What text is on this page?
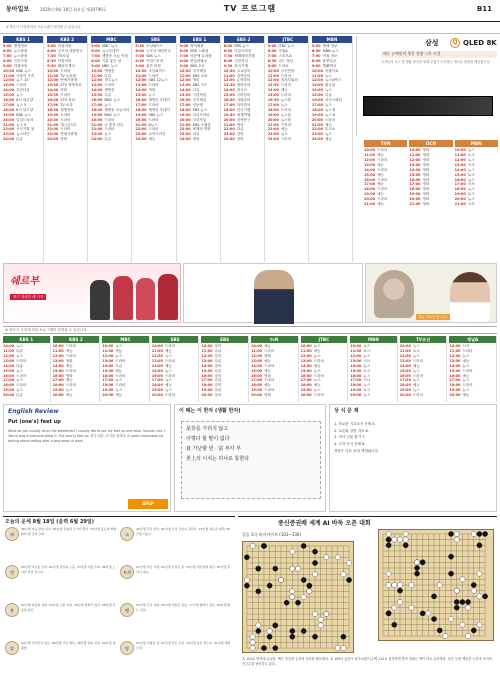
동아일보	2020년 8월 18일 화요일 제30796호	TV 프로그램	B11
※ 방송사 사정에 따라 프로그램이 변경될 수 있습니다.
KBS 1
5:00 생생정보
6:00 뉴스광장
7:00 뉴스광장
8:00 인간극장
9:00 아침마당
10:00 KBS 뉴스
11:00 사랑의 가족
12:00 뉴스 12
13:00 드라마
14:00 특선다큐
15:00 뉴스
16:00 6시 내고향
17:00 뉴스 5
18:00 6시 내고향
19:00 KBS 뉴스
20:00 일일드라마
21:00 뉴스 9
22:00 시사기획 창
23:00 뉴스라인
24:00 다큐
KBS 2
5:00 아침마당
6:00 굿모닝 대한민국
7:30 TV소설
8:30 아침마당
9:30 해피투게더
10:00 드라마
11:00 TV 유치원
12:00 연예가중계
13:30 2TV 생생정보
14:00 영화
15:30 드라마
16:00 2TV 저녁
17:00 TV 소설
18:30 생생정보
19:00 드라마
20:30 드라마
21:00 개그콘서트
22:00 드라마
23:00 연예가중계
24:00 영화
MBC
5:00 MBC 뉴스
6:00 뉴스투데이
7:00 생방송 오늘 아침
8:00 기분 좋은 날
9:00 MBC 뉴스
10:00 생방송
11:00 다큐
12:00 정오뉴스
13:00 드라마
14:00 생방송
15:00 다큐
16:00 MBC 뉴스
17:00 뉴스
18:00 생방송 오늘저녁
19:00 MBC 뉴스
20:00 드라마
21:00 나 혼자 산다
22:00 드라마
23:00 뉴스
24:00 다큐
SBS
5:30 모닝와이드
6:00 굿모닝 대한민국
7:00 SBS 뉴스
8:30 아침드라마
9:00 좋은 아침
10:00 모닝와이드
11:00 드라마
12:00 SBS 12뉴스
13:00 드라마
14:00 영화
15:00 뉴스
16:00 생방송 투데이
17:00 드라마
18:00 생방송 투데이
19:00 SBS 뉴스
20:00 드라마
21:00 8뉴스
22:00 드라마
23:00 나이트라인
24:00 예능
EBS 1
5:00 영어회화
6:00 EBS 스페셜
7:00 딩동댕 유치원
8:00 만들어봐요
9:00 EBS 초등
10:00 지식채널
11:00 EBS 교육
12:00 명의
13:00 EBS 키즈
14:00 다큐
15:00 극한직업
16:00 지식채널
17:00 딩동댕
18:00 EBS 뉴스
19:00 다큐프라임
20:00 극한직업
21:00 EBS 스페셜
22:00 세계의 명화
23:00 다큐
24:00 영화
EBS 2
6:00 EBS 뉴스
6:30 다큐프라임
7:30 세계테마기행
8:00 극한직업
9:30 한국기행
10:30 고교강의
11:00 과학강의
12:00 수학강의
13:30 영어강의
14:00 한국사
15:00 국어강의
16:30 사회강의
17:00 과학강의
18:00 한국기행
19:30 세계여행
20:00 건축탐구
21:00 명의
22:00 다큐
23:00 강의
24:00 강의
JTBC
5:00 JTBC 뉴스
6:00 아침&
7:00 스포츠쇼
8:30 아는 형님
9:00 드라마
10:00 사건반장
11:00 드라마
12:00 정치부회의
13:30 드라마
14:00 예능
15:00 드라마
16:30 뉴스룸
17:00 뉴스
18:00 드라마
19:00 뉴스룸
20:00 뉴스룸
21:00 드라마
22:00 예능
23:00 뉴스
24:00 드라마
MBN
5:00 생생 정보
6:00 MBN 뉴스
7:00 아침 정보
8:00 휴먼다큐
9:00 생활백서
10:00 속풀이쇼
11:00 뉴스
12:00 뉴스와이드
13:00 황금알
14:00 뉴스
15:00 다큐
16:00 시사스페셜
17:00 뉴스
18:00 뉴스 8
19:00 뉴스 8
20:00 드라마
21:00 예능
22:00 토크쇼
23:00 뉴스
24:00 예능
삼성	Q QLED 8K
배우 유배인의 행운 정량 극복 비결
고객들의 요구 및 생활 향상을 위해 끝없이 도전하는 새로운 화면을 제공합니다.
TVN
10:00 드라마
11:00 예능
12:00 드라마
13:00 예능
14:00 드라마
15:00 예능
16:00 드라마
17:00 예능
18:00 드라마
19:00 예능
20:00 드라마
21:00 예능
OCN
10:00 영화
11:00 영화
12:00 영화
13:00 영화
14:00 영화
15:00 영화
16:00 영화
17:00 영화
18:00 영화
19:00 영화
20:00 영화
21:00 영화
MBN
10:00 뉴스
11:00 토크
12:00 뉴스
13:00 시사
14:00 뉴스
15:00 토크
16:00 뉴스
17:00 시사
18:00 뉴스
19:00 토크
20:00 뉴스
21:00 시사
쉐르부
봄기 정리한 세 가지
매주 일요일 밤 11시
※ 방송사 사정에 따라 프로그램이 변경될 수 있습니다.
KBS 1
10:00 뉴스
11:00 다큐
12:00 뉴스
13:00 드라마
14:00 다큐
15:00 뉴스
16:00 드라마
17:00 뉴스
18:00 드라마
19:00 뉴스
20:00 다큐
KBS 2
10:00 드라마
11:00 예능
12:00 드라마
13:00 영화
14:00 예능
15:00 드라마
16:00 영화
17:00 예능
18:00 드라마
19:00 뉴스
20:00 예능
MBC
10:00 뉴스
11:00 예능
12:00 뉴스
13:00 드라마
14:00 다큐
15:00 예능
16:00 드라마
17:00 뉴스
18:00 드라마
19:00 뉴스
20:00 예능
SBS
10:00 드라마
11:00 예능
12:00 뉴스
13:00 드라마
14:00 예능
15:00 뉴스
16:00 드라마
17:00 뉴스
18:00 예능
19:00 뉴스
20:00 드라마
EBS
10:00 강의
11:00 다큐
12:00 강의
13:00 다큐
14:00 강의
15:00 다큐
16:00 강의
17:00 다큐
18:00 강의
19:00 다큐
20:00 강의
tvN
10:00 예능
11:00 드라마
12:00 영화
13:00 예능
14:00 드라마
15:00 예능
16:00 영화
17:00 드라마
18:00 예능
19:00 드라마
20:00 영화
JTBC
10:00 뉴스
11:00 예능
12:00 뉴스
13:00 드라마
14:00 예능
15:00 뉴스
16:00 드라마
17:00 뉴스
18:00 예능
19:00 뉴스
20:00 드라마
MBN
10:00 뉴스
11:00 토크
12:00 뉴스
13:00 시사
14:00 뉴스
15:00 토크
16:00 뉴스
17:00 시사
18:00 뉴스
19:00 토크
20:00 뉴스
TV조선
10:00 뉴스
11:00 토크
12:00 뉴스
13:00 드라마
14:00 예능
15:00 뉴스
16:00 드라마
17:00 뉴스
18:00 예능
19:00 뉴스
20:00 드라마
채널A
10:00 시사
11:00 드라마
12:00 뉴스
13:00 예능
14:00 뉴스
15:00 드라마
16:00 예능
17:00 뉴스
18:00 드라마
19:00 뉴스
20:00 예능
English Review
Put (one's) feet up
What do you usually do on the weekends? I usually like to put my feet up and relax. Sounds nice. I like to stay in bed and sleep in. Put (one's) feet up: 편히 쉬다, 휴식을 취하다. A useful expression for talking about resting after a long week of work.
SPEP
이 때는 이 한자 (생활 한자)
是非를 가리지 않고
이렇다 할 말이 없다
貧 가난할 빈 · 富 부자 부
世上의 이치는 하나로 통한다
상 식 문 제
1. 학교문 기호보기 문제 5.
2. 토론회 설명 자료 6.
3. 역사 인물 찾기 7.
4. 수학 공식 문제 8.
정답은 다음 호에 게재됩니다.
오늘의 운세 8월 18일 (음력 6월 29일)
쥐
48년생 마음 편한 하루. 60년생 뜻밖의 소식이 있다. 72년생 동료와 화합. 84년생 금전 주의.	소
49년생 건강 관리. 61년생 가족 모임이 길하다. 73년생 새로운 계획. 85년생 이동수.
범
50년생 여유를 갖자. 62년생 귀인의 도움. 74년생 지출 주의. 86년생 노력한 만큼 얻는다.	토끼
51년생 작은 기쁨. 63년생 문서운 길. 75년생 대인관계 원만. 87년생 휴식이 필요.
용
52년생 마음의 평화. 64년생 소원 성취. 76년생 변화가 있다. 88년생 신중한 판단.	뱀
53년생 건강 유의. 65년생 재물운 상승. 77년생 협력이 필요. 89년생 좋은 인연.
말
54년생 기다림이 필요. 66년생 가정 화목. 78년생 일의 진척. 90년생 새 출발.	양
55년생 여행운 길. 67년생 작은 손실. 79년생 칭찬 받는다. 91년생 계획 수정.
중신증권배 세계 AI 바둑 오픈 대회
결승 3국 하이라이트 (101~130)
흑 101로 반격에 나섰다. 백은 중앙을 굳히며 실리를 확보했다. 흑 109의 끊음이 날카로웠으나 백 112로 침착하게 받아 형세는 백이 다소 유리하다. 흑은 우변 백돌을 노리며 마지막 승부수를 준비하고 있다.
